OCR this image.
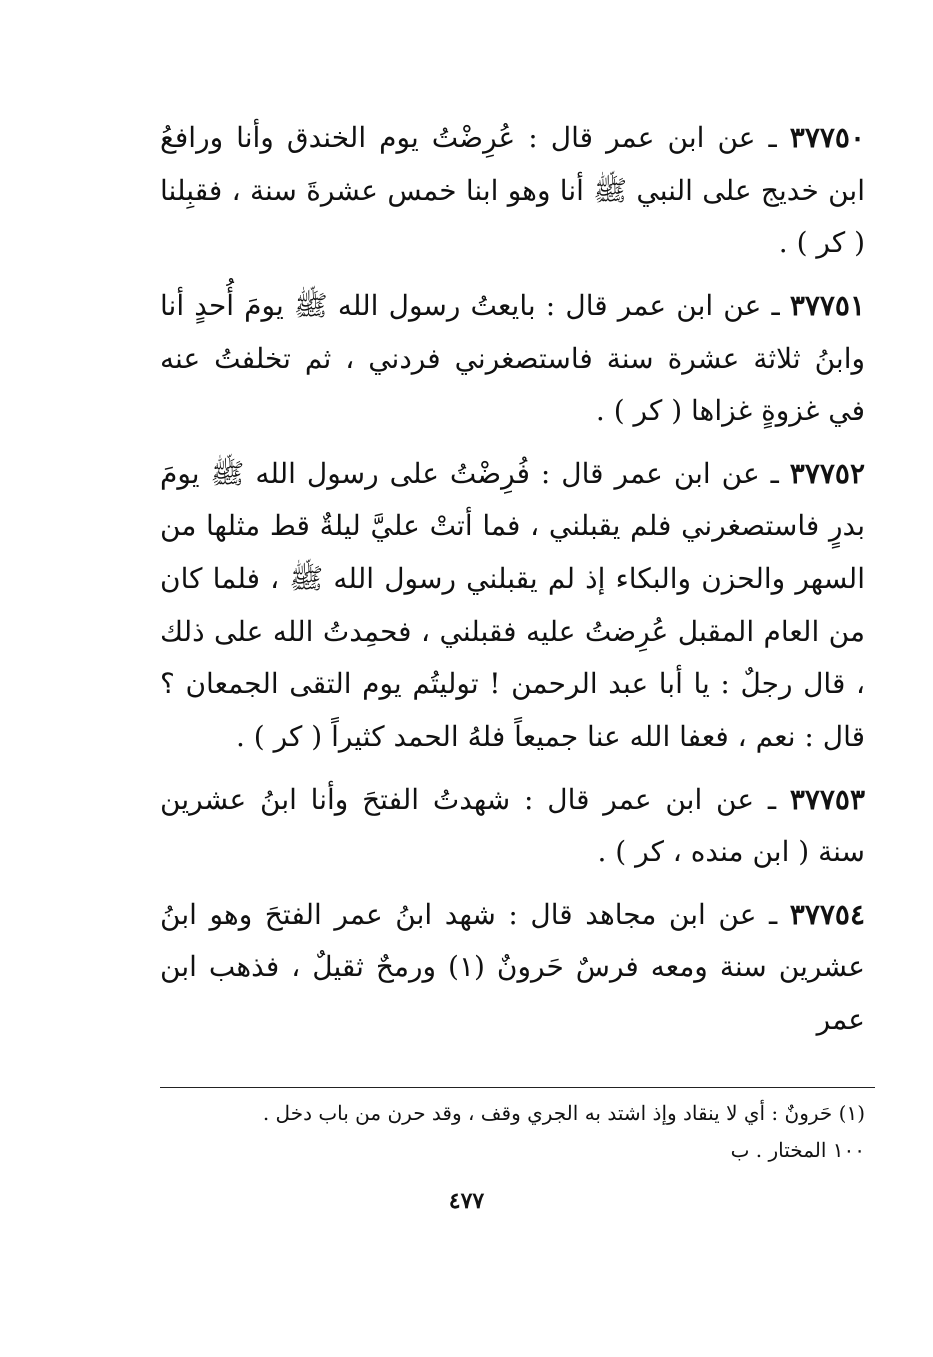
٣٧٧٥٠ ـ عن ابن عمر قال : عُرِضْتُ يوم الخندق وأنا ورافعُ ابن خديج على النبي ﷺ أنا وهو ابنا خمس عشرةَ سنة ، فقبِلنا ( كر ) .

٣٧٧٥١ ـ عن ابن عمر قال : بايعتُ رسول الله ﷺ يومَ أُحدٍ أنا وابنُ ثلاثة عشرة سنة فاستصغرني فردني ، ثم تخلفتُ عنه في غزوةٍ غزاها ( كر ) .

٣٧٧٥٢ ـ عن ابن عمر قال : فُرِضْتُ على رسول الله ﷺ يومَ بدرٍ فاستصغرني فلم يقبلني ، فما أتتْ عليَّ ليلةٌ قط مثلها من السهر والحزن والبكاء إذ لم يقبلني رسول الله ﷺ ، فلما كان من العام المقبل عُرِضتُ عليه فقبلني ، فحمِدتُ الله على ذلك ، قال رجلٌ : يا أبا عبد الرحمن ! توليتُم يوم التقى الجمعان ؟ قال : نعم ، فعفا الله عنا جميعاً فلهُ الحمد كثيراً ( كر ) .

٣٧٧٥٣ ـ عن ابن عمر قال : شهدتُ الفتحَ وأنا ابنُ عشرين سنة ( ابن منده ، كر ) .

٣٧٧٥٤ ـ عن ابن مجاهد قال : شهد ابنُ عمر الفتحَ وهو ابنُ عشرين سنة ومعه فرسٌ حَرونٌ (١) ورمحٌ ثقيلٌ ، فذهب ابن عمر

(١) حَرونٌ : أي لا ينقاد وإذ اشتد به الجري وقف ، وقد حرن من باب دخل .

١٠٠ المختار . ب

٤٧٧
